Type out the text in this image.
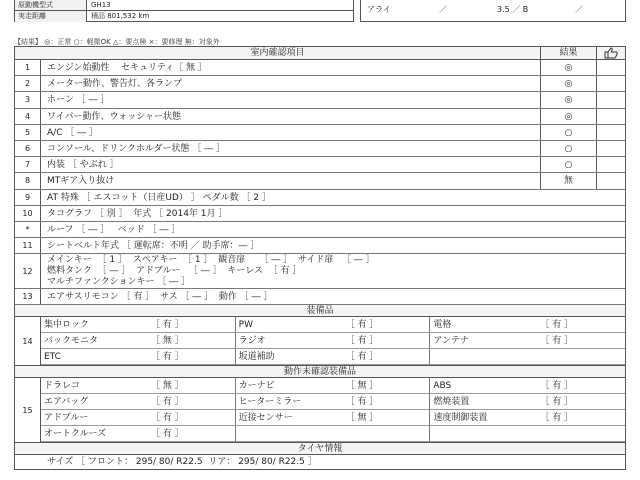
原動機型式	GH13
実走距離	積品 801,532 km
アライ	／	3.5 ／ B	／
【結果】 ◎：正常 ○：軽微OK △：要点検 ×：要修理 無：対象外
室内確認項目	結果
1	エンジン始動性    セキュリティ［ 無 ］	◎
2	メーター動作、警告灯、各ランプ	◎
3	ホーン ［ ― ］	◎
4	ワイパー動作、ウォッシャー状態	◎
5	A/C ［ ― ］	○
6	コンソール、ドリンクホルダー状態 ［ ― ］	○
7	内装 ［ やぶれ ］	○
8	MTギア入り抜け	無
9	AT 特殊 ［ エスコット（日産UD） ］ ペダル数 ［ 2 ］
10	タコグラフ ［ 別 ］  年式 ［ 2014年 1月 ］
*	ルーフ ［ ― ］   ベッド ［ ― ］
11	シートベルト年式 ［ 運転席：不明 ／ 助手席：― ］
12
メインキー  ［ 1 ］  スペアキー  ［ 1 ］  観音扉     ［ ― ］  サイド扉   ［ ― ］
燃料タンク  ［ ― ］  アドブルー   ［ ― ］  キーレス  ［ 有 ］
マルチファンクションキー ［ ― ］
13	エアサスリモコン ［ 有 ］  サス ［ ― ］  動作 ［ ― ］
装備品
14
集中ロック	［ 有 ］	PW	［ 有 ］	電格	［ 有 ］
バックモニタ	［ 無 ］	ラジオ	［ 有 ］	アンテナ	［ 有 ］
ETC	［ 有 ］	坂道補助	［ 有 ］
動作未確認装備品
15
ドラレコ	［ 無 ］	カーナビ	［ 無 ］	ABS	［ 有 ］
エアバッグ	［ 有 ］	ヒーターミラー	［ 有 ］	燃焼装置	［ 有 ］
アドブルー	［ 有 ］	近接センサー	［ 無 ］	速度制御装置	［ 有 ］
オートクルーズ	［ 有 ］
タイヤ情報
サイズ ［ フロント： 295/ 80/ R22.5  リア： 295/ 80/ R22.5 ］
